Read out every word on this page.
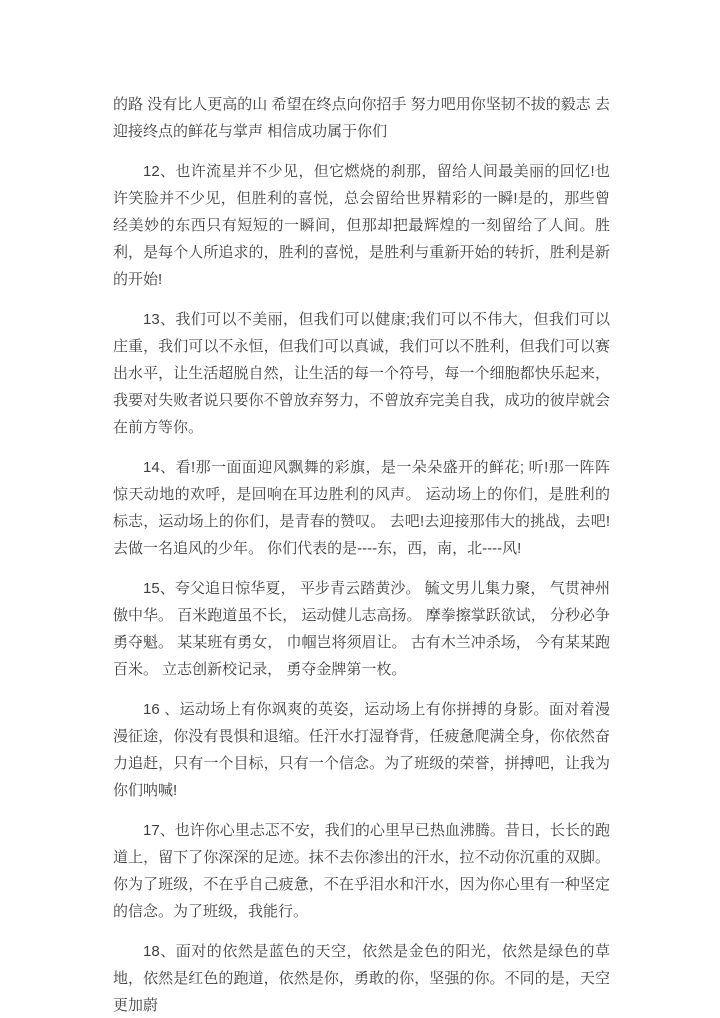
的路 没有比人更高的山 希望在终点向你招手 努力吧用你坚韧不拔的毅志 去迎接终点的鲜花与掌声 相信成功属于你们

12、也许流星并不少见，但它燃烧的刹那，留给人间最美丽的回忆!也许笑脸并不少见，但胜利的喜悦，总会留给世界精彩的一瞬!是的，那些曾经美妙的东西只有短短的一瞬间，但那却把最辉煌的一刻留给了人间。胜利，是每个人所追求的，胜利的喜悦，是胜利与重新开始的转折，胜利是新的开始!

13、我们可以不美丽，但我们可以健康;我们可以不伟大，但我们可以庄重，我们可以不永恒，但我们可以真诚，我们可以不胜利，但我们可以赛出水平，让生活超脱自然，让生活的每一个符号，每一个细胞都快乐起来，我要对失败者说只要你不曾放弃努力，不曾放弃完美自我，成功的彼岸就会在前方等你。

14、看!那一面面迎风飘舞的彩旗，是一朵朵盛开的鲜花; 听!那一阵阵惊天动地的欢呼，是回响在耳边胜利的风声。 运动场上的你们，是胜利的标志，运动场上的你们，是青春的赞叹。 去吧!去迎接那伟大的挑战，去吧!去做一名追风的少年。 你们代表的是----东，西，南，北----风!

15、夸父追日惊华夏， 平步青云踏黄沙。 毓文男儿集力聚， 气贯神州傲中华。 百米跑道虽不长， 运动健儿志高扬。 摩拳擦掌跃欲试， 分秒必争勇夺魁。 某某班有勇女， 巾帼岂将须眉让。 古有木兰冲杀场， 今有某某跑百米。 立志创新校记录， 勇夺金牌第一枚。

16 、运动场上有你飒爽的英姿，运动场上有你拼搏的身影。面对着漫漫征途，你没有畏惧和退缩。任汗水打湿脊背，任疲惫爬满全身，你依然奋力追赶，只有一个目标，只有一个信念。为了班级的荣誉，拼搏吧，让我为你们呐喊!

17、也许你心里忐忑不安，我们的心里早已热血沸腾。昔日，长长的跑道上，留下了你深深的足迹。抹不去你渗出的汗水，拉不动你沉重的双脚。你为了班级，不在乎自己疲惫，不在乎泪水和汗水，因为你心里有一种坚定的信念。为了班级，我能行。

18、面对的依然是蓝色的天空，依然是金色的阳光，依然是绿色的草地，依然是红色的跑道，依然是你，勇敢的你，坚强的你。不同的是，天空更加蔚
